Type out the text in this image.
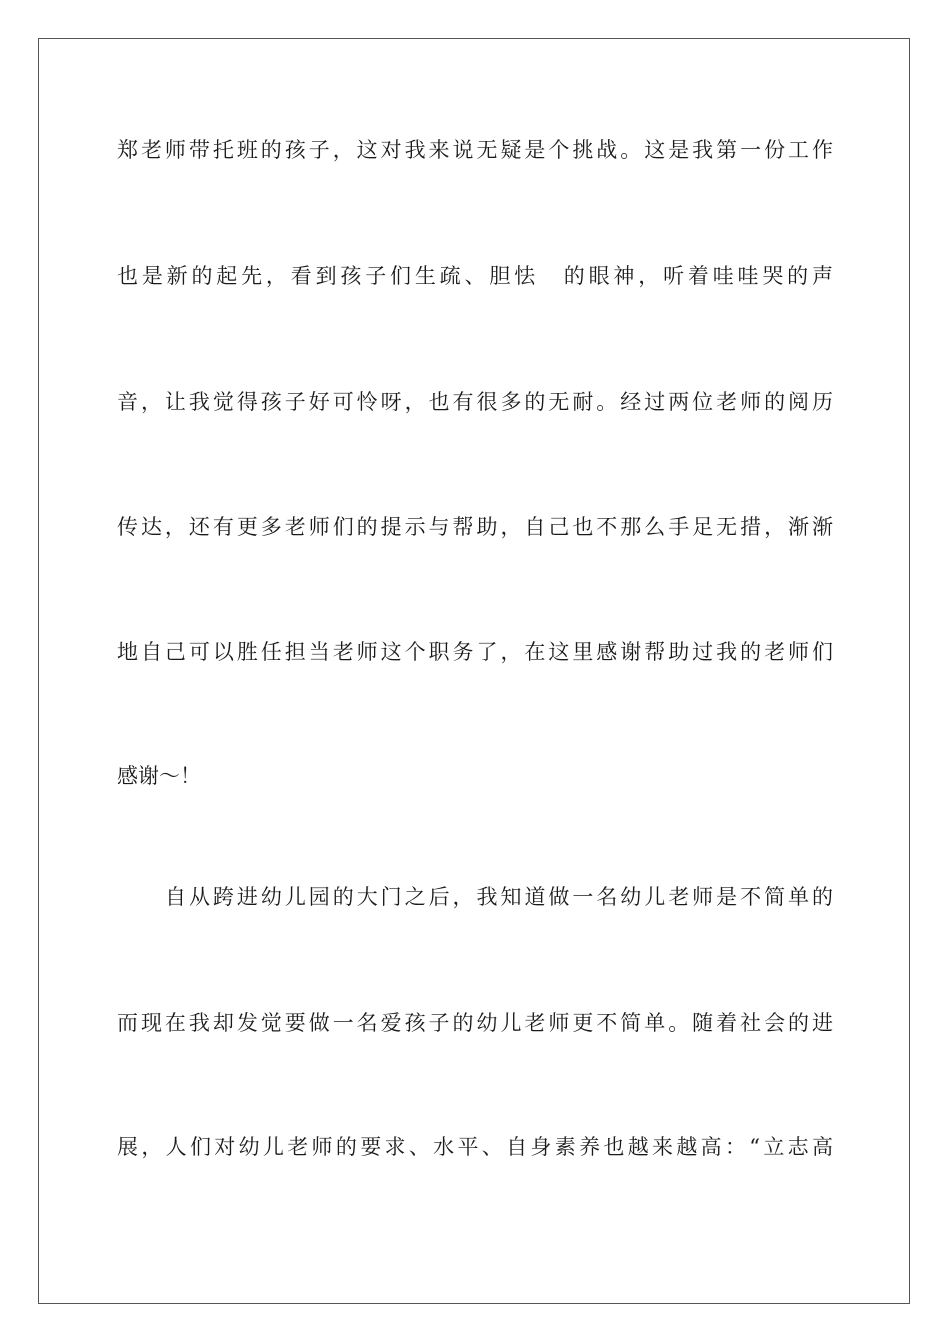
郑老师带托班的孩子，这对我来说无疑是个挑战。这是我第一份工作
也是新的起先，看到孩子们生疏、胆怯　的眼神，听着哇哇哭的声
音，让我觉得孩子好可怜呀，也有很多的无耐。经过两位老师的阅历
传达，还有更多老师们的提示与帮助，自己也不那么手足无措，渐渐
地自己可以胜任担当老师这个职务了，在这里感谢帮助过我的老师们
感谢～！
自从跨进幼儿园的大门之后，我知道做一名幼儿老师是不简单的
而现在我却发觉要做一名爱孩子的幼儿老师更不简单。随着社会的进
展，人们对幼儿老师的要求、水平、自身素养也越来越高：“立志高
